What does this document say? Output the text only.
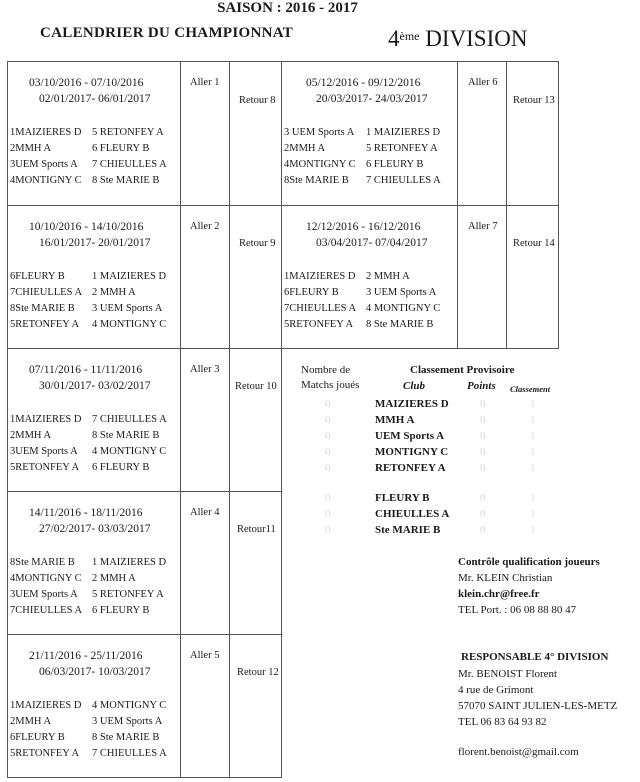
SAISON : 2016 - 2017
CALENDRIER DU CHAMPIONNAT	4ème DIVISION
03/10/2016 - 07/10/2016
02/01/2017- 06/01/2017
Aller 1
Retour 8
1MAIZIERES D 5 RETONFEY A
2MMH A	6 FLEURY B
3UEM Sports A 7 CHIEULLES A
4MONTIGNY C 8 Ste MARIE B
10/10/2016 - 14/10/2016
16/01/2017- 20/01/2017
Aller 2
Retour 9
6FLEURY B	1 MAIZIERES D
7CHIEULLES A 2 MMH A
8Ste MARIE B 3 UEM Sports A
5RETONFEY A 4 MONTIGNY C
07/11/2016 - 11/11/2016
30/01/2017- 03/02/2017
Aller 3
Retour 10
1MAIZIERES D 7 CHIEULLES A
2MMH A	8 Ste MARIE B
3UEM Sports A 4 MONTIGNY C
5RETONFEY A 6 FLEURY B
14/11/2016 - 18/11/2016
27/02/2017- 03/03/2017
Aller 4
Retour11
8Ste MARIE B 1 MAIZIERES D
4MONTIGNY C 2 MMH A
3UEM Sports A 5 RETONFEY A
7CHIEULLES A 6 FLEURY B
21/11/2016 - 25/11/2016
06/03/2017- 10/03/2017
Aller 5
Retour 12
1MAIZIERES D 4 MONTIGNY C
2MMH A	3 UEM Sports A
6FLEURY B	8 Ste MARIE B
5RETONFEY A 7 CHIEULLES A
05/12/2016 - 09/12/2016
20/03/2017- 24/03/2017
Aller 6
Retour 13
3 UEM Sports A 1 MAIZIERES D
2MMH A	5 RETONFEY A
4MONTIGNY C 6 FLEURY B
8Ste MARIE B 7 CHIEULLES A
12/12/2016 - 16/12/2016
03/04/2017- 07/04/2017
Aller 7
Retour 14
1MAIZIERES D 2 MMH A
6FLEURY B	3 UEM Sports A
7CHIEULLES A 4 MONTIGNY C
5RETONFEY A 8 Ste MARIE B
Nombre de
Matchs joués
Classement Provisoire
Club	Points Classement
0	MAIZIERES D	0	1
0	MMH A	0	1
0	UEM Sports A	0	1
0	MONTIGNY C	0	1
0	RETONFEY A	0	1
0	FLEURY B	0	1
0	CHIEULLES A	0	1
0	Ste MARIE B	0	1
Contrôle qualification joueurs
Mr. KLEIN Christian
klein.chr@free.fr
TEL Port. : 06 08 88 80 47
RESPONSABLE 4° DIVISION
Mr. BENOIST Florent
4 rue de Grimont
57070 SAINT JULIEN-LES-METZ
TEL 06 83 64 93 82
florent.benoist@gmail.com
